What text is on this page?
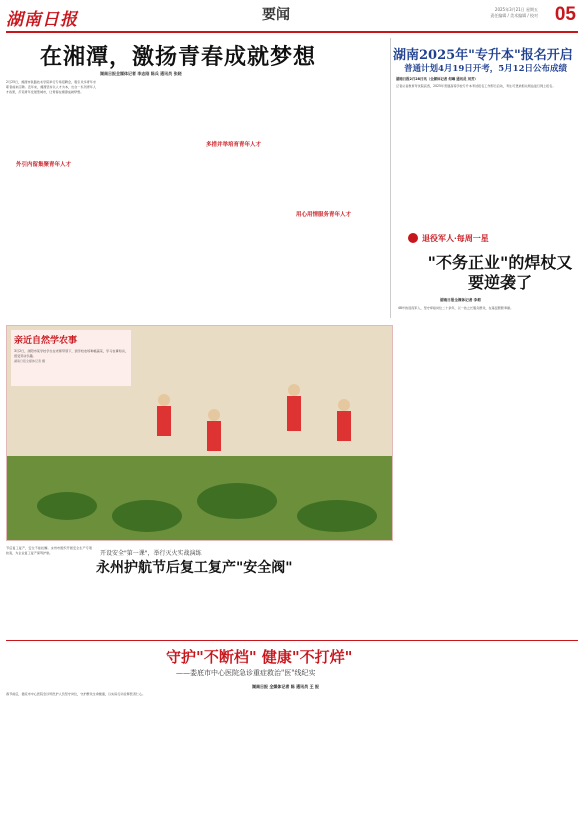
湖南日报	要闻	2025年3月21日 星期五
责任编辑 / 美术编辑 / 校对 05
在湘潭，激扬青春成就梦想
湖南日报全媒体记者 李志刚 陈兵 通讯员 张晓
2月25日，湘潭市铁路技术学院举行专场招聘会，吸引众多青年求职者前来应聘。近年来，湘潭坚持以人才为本，出台一系列青年人才政策，打造青年发展型城市，让青春在湘潭成就梦想。
外引内留集聚青年人才
多措并举培育青年人才
用心用情服务青年人才
湖南2025年"专升本"报名开启
普通计划4月19日开考，5月12日公布成绩
湖南日报2月28日讯（全媒体记者 何琳 通讯员 刘芳）
记者从省教育考试院获悉，2025年普通高等学校专升本考试报名工作即日启动，考生可登录相关网站进行网上报名。
退役军人·每周一星
"不务正业"的焊杖又要逆袭了
湖南日报全媒体记者 李莉
48岁的退役军人，坚守焊接岗位二十余年，以一技之长服务群众，在基层默默奉献。
亲近自然学农事
3月2日，浏阳市某学校学生在老师带领下，到学校农场种植蔬菜，学习农事知识，感受劳动乐趣。
湖南日报全媒体记者 摄
节后复工复产，安全不能松懈。永州市组织开展安全生产专项检查，为企业复工复产保驾护航。	开设安全"第一课"，举行灭火实战演练
永州护航节后复工复产"安全阀"
守护"不断档" 健康"不打烊"
——娄底市中心医院急诊重症救治"医"线纪实
湖南日报 全媒体记者 陈 通讯员 王 报
春节前后，娄底市中心医院急诊科医护人员坚守岗位，守护群众生命健康，以实际行动诠释医者仁心。
